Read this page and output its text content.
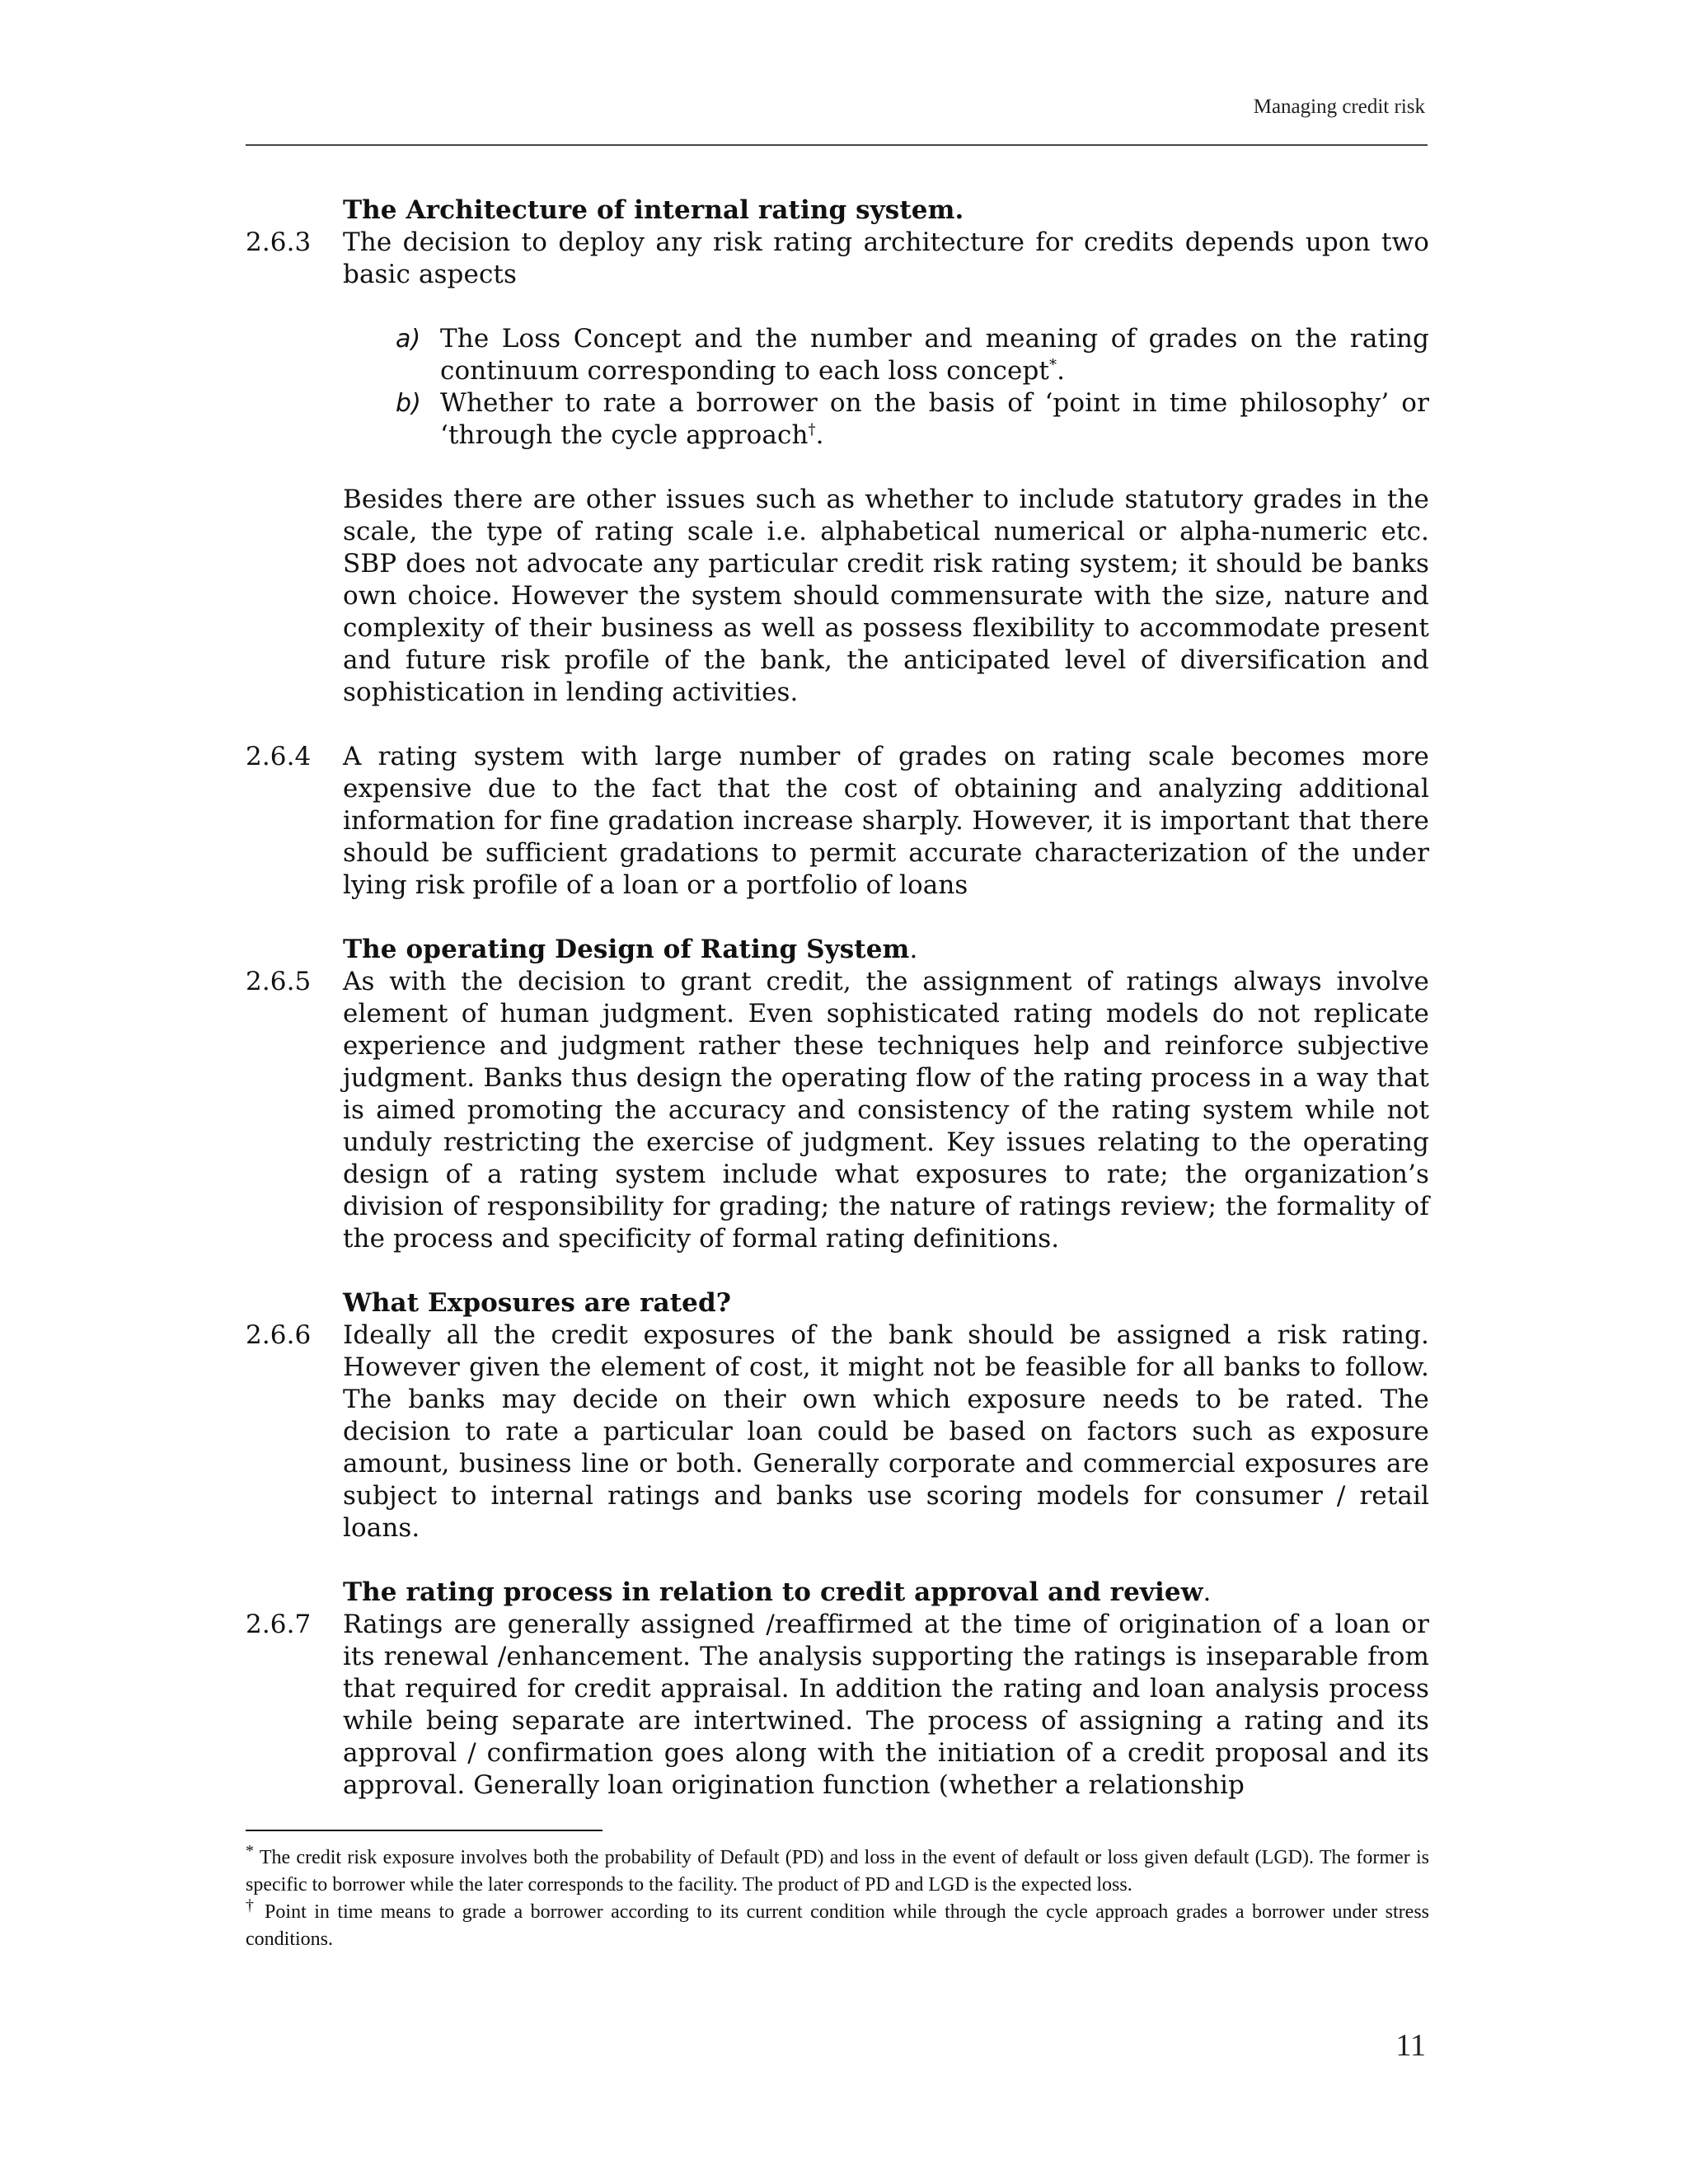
Managing credit risk
The Architecture of internal rating system.
2.6.3	The decision to deploy any risk rating architecture for credits depends upon two basic aspects
a) The Loss Concept and the number and meaning of grades on the rating continuum corresponding to each loss concept*.
b) Whether to rate a borrower on the basis of ‘point in time philosophy’ or ‘through the cycle approach†.
Besides there are other issues such as whether to include statutory grades in the scale, the type of rating scale i.e. alphabetical numerical or alpha-numeric etc. SBP does not advocate any particular credit risk rating system; it should be banks own choice. However the system should commensurate with the size, nature and complexity of their business as well as possess flexibility to accommodate present and future risk profile of the bank, the anticipated level of diversification and sophistication in lending activities.
2.6.4	A rating system with large number of grades on rating scale becomes more expensive due to the fact that the cost of obtaining and analyzing additional information for fine gradation increase sharply. However, it is important that there should be sufficient gradations to permit accurate characterization of the under lying risk profile of a loan or a portfolio of loans
The operating Design of Rating System.
2.6.5	As with the decision to grant credit, the assignment of ratings always involve element of human judgment. Even sophisticated rating models do not replicate experience and judgment rather these techniques help and reinforce subjective judgment. Banks thus design the operating flow of the rating process in a way that is aimed promoting the accuracy and consistency of the rating system while not unduly restricting the exercise of judgment. Key issues relating to the operating design of a rating system include what exposures to rate; the organization’s division of responsibility for grading; the nature of ratings review; the formality of the process and specificity of formal rating definitions.
What Exposures are rated?
2.6.6	Ideally all the credit exposures of the bank should be assigned a risk rating. However given the element of cost, it might not be feasible for all banks to follow. The banks may decide on their own which exposure needs to be rated. The decision to rate a particular loan could be based on factors such as exposure amount, business line or both. Generally corporate and commercial exposures are subject to internal ratings and banks use scoring models for consumer / retail loans.
The rating process in relation to credit approval and review.
2.6.7	Ratings are generally assigned /reaffirmed at the time of origination of a loan or its renewal /enhancement. The analysis supporting the ratings is inseparable from that required for credit appraisal. In addition the rating and loan analysis process while being separate are intertwined. The process of assigning a rating and its approval / confirmation goes along with the initiation of a credit proposal and its approval. Generally loan origination function (whether a relationship

* The credit risk exposure involves both the probability of Default (PD) and loss in the event of default or loss given default (LGD). The former is specific to borrower while the later corresponds to the facility. The product of PD and LGD is the expected loss.

† Point in time means to grade a borrower according to its current condition while through the cycle approach grades a borrower under stress conditions.

11
